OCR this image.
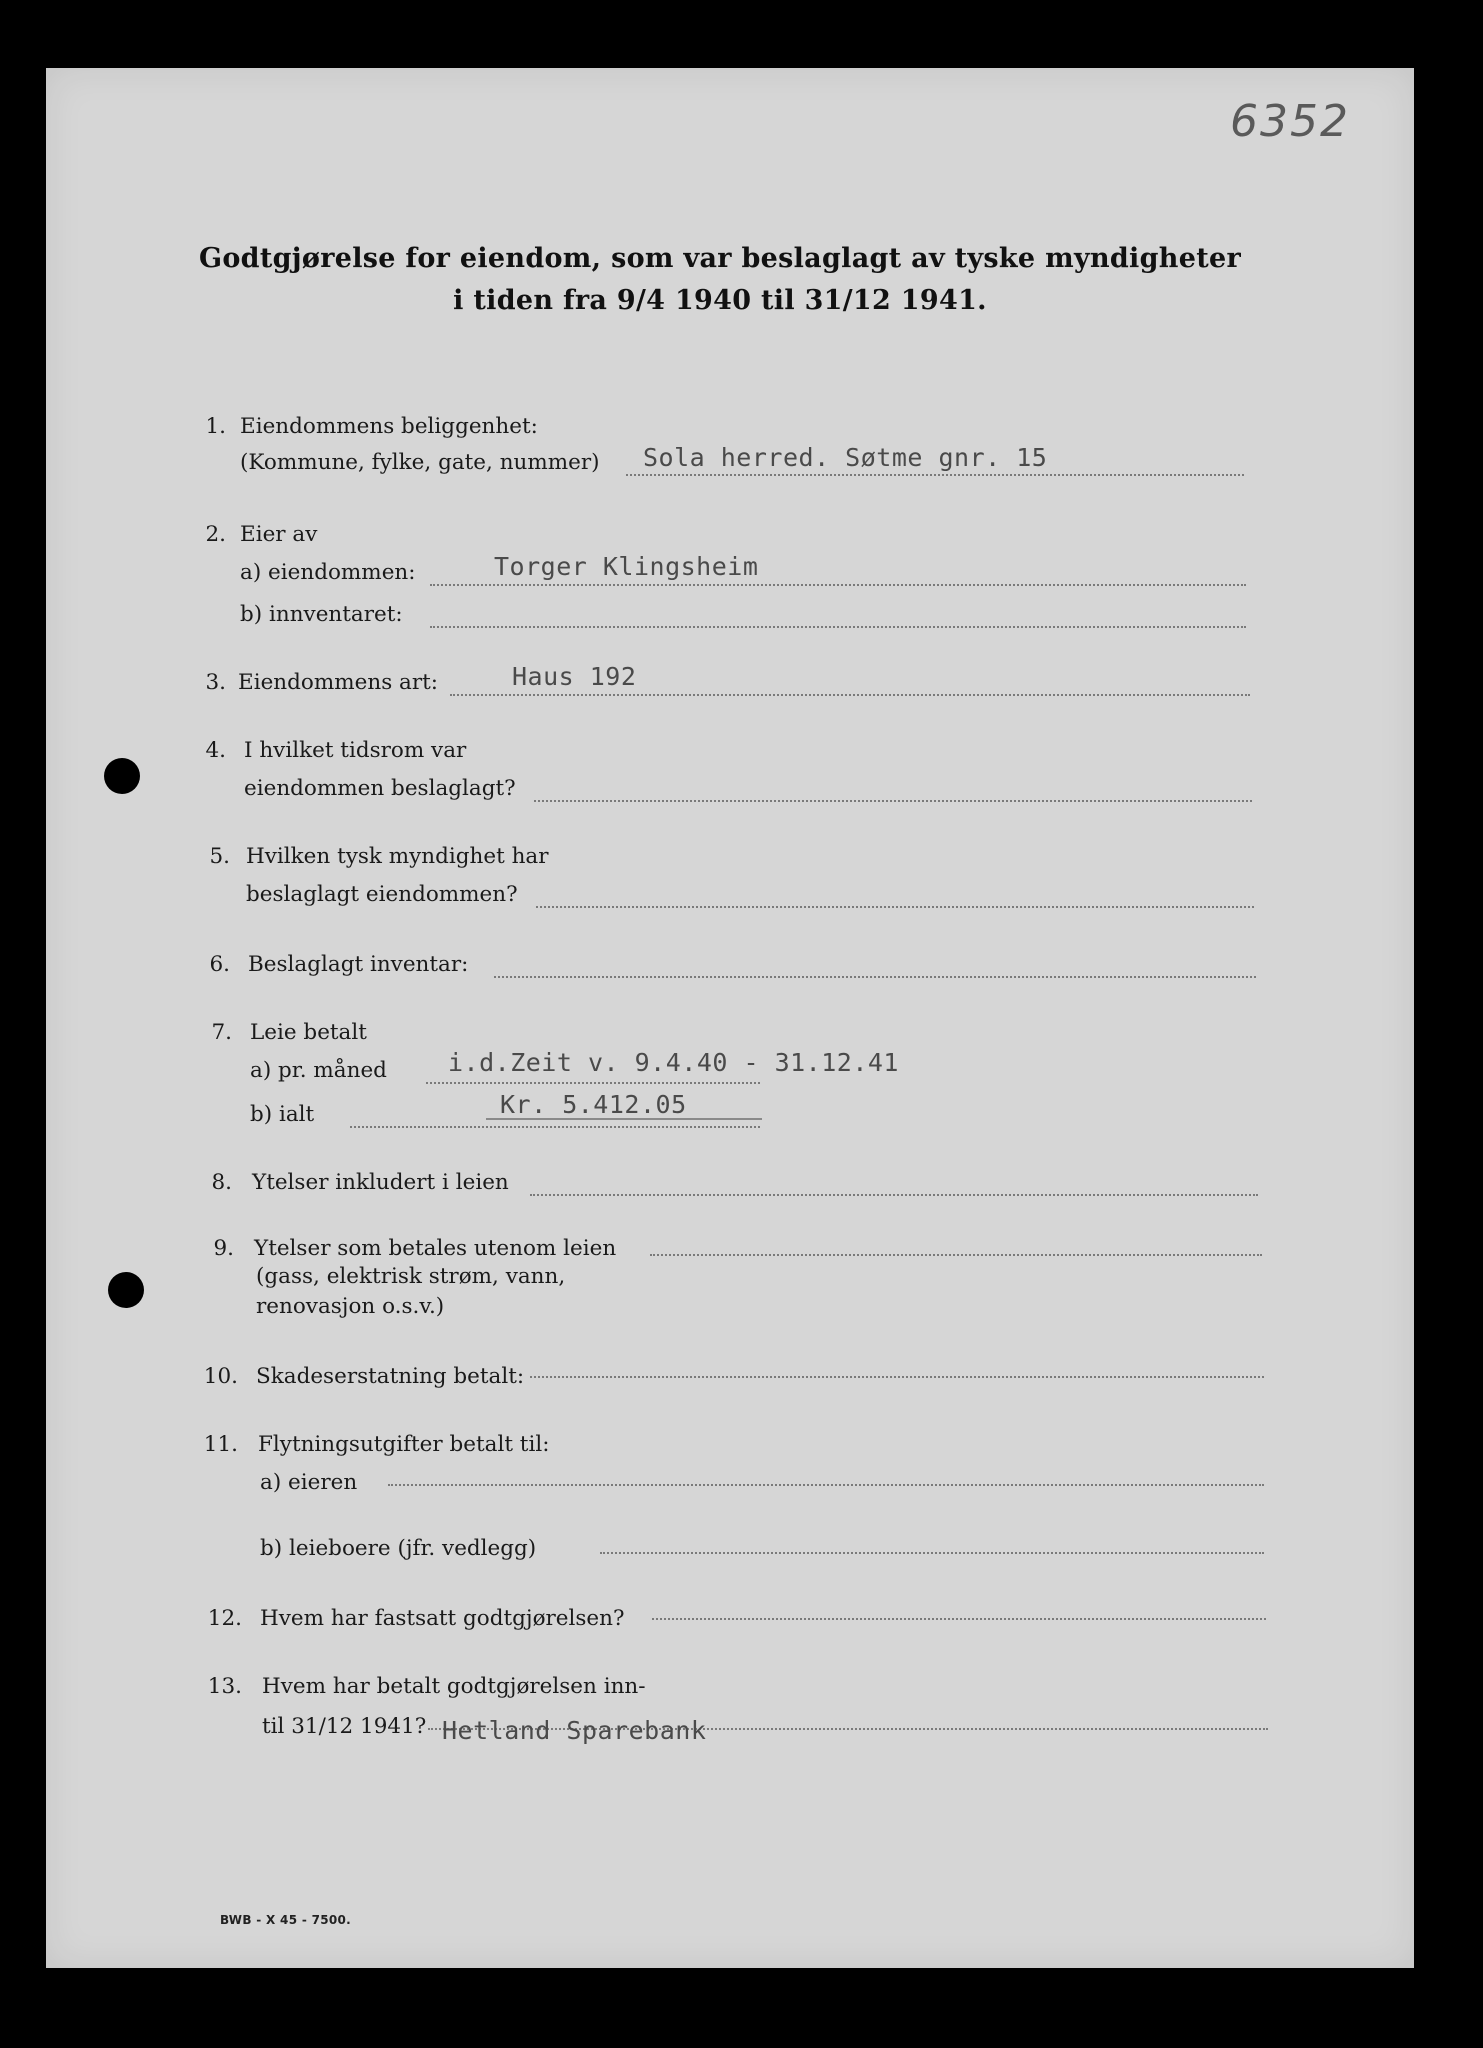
6352
Godtgjørelse for eiendom, som var beslaglagt av tyske myndigheter
i tiden fra 9/4 1940 til 31/12 1941.
1. Eiendommens beliggenhet:
(Kommune, fylke, gate, nummer) Sola herred. Søtme gnr. 15
2. Eier av
a) eiendommen:	Torger Klingsheim
b) innventaret:
3. Eiendommens art:	Haus 192
4. I hvilket tidsrom var
eiendommen beslaglagt?
5. Hvilken tysk myndighet har
beslaglagt eiendommen?
6. Beslaglagt inventar:
7. Leie betalt
a) pr. måned i.d.Zeit v. 9.4.40 - 31.12.41
b) ialt	Kr. 5.412.05
8. Ytelser inkludert i leien
9. Ytelser som betales utenom leien
(gass, elektrisk strøm, vann,
renovasjon o.s.v.)
10. Skadeserstatning betalt:
11. Flytningsutgifter betalt til:
a) eieren
b) leieboere (jfr. vedlegg)
12. Hvem har fastsatt godtgjørelsen?
13. Hvem har betalt godtgjørelsen inn-
til 31/12 1941? Hetland Sparebank
BWB - X 45 - 7500.
